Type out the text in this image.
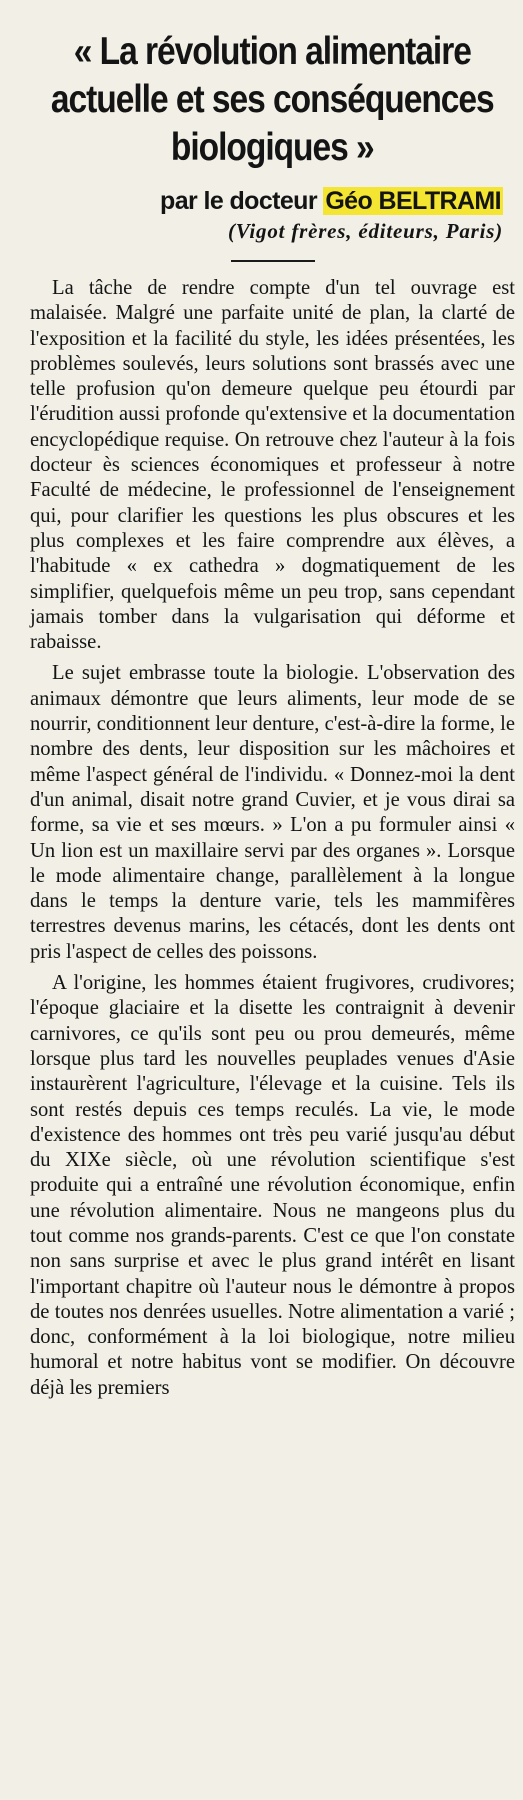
« La révolution alimentaire
actuelle et ses conséquences
biologiques »
par le docteur Géo BELTRAMI
(Vigot frères, éditeurs, Paris)

La tâche de rendre compte d'un tel ouvrage est malaisée. Malgré une parfaite unité de plan, la clarté de l'exposition et la facilité du style, les idées présentées, les problèmes soulevés, leurs solutions sont brassés avec une telle profusion qu'on demeure quelque peu étourdi par l'érudition aussi profonde qu'extensive et la documentation encyclopédique requise. On retrouve chez l'auteur à la fois docteur ès sciences économiques et professeur à notre Faculté de médecine, le professionnel de l'enseignement qui, pour clarifier les questions les plus obscures et les plus complexes et les faire comprendre aux élèves, a l'habitude « ex cathedra » dogmatiquement de les simplifier, quelquefois même un peu trop, sans cependant jamais tomber dans la vulgarisation qui déforme et rabaisse.

Le sujet embrasse toute la biologie. L'observation des animaux démontre que leurs aliments, leur mode de se nourrir, conditionnent leur denture, c'est-à-dire la forme, le nombre des dents, leur disposition sur les mâchoires et même l'aspect général de l'individu. « Donnez-moi la dent d'un animal, disait notre grand Cuvier, et je vous dirai sa forme, sa vie et ses mœurs. » L'on a pu formuler ainsi « Un lion est un maxillaire servi par des organes ». Lorsque le mode alimentaire change, parallèlement à la longue dans le temps la denture varie, tels les mammifères terrestres devenus marins, les cétacés, dont les dents ont pris l'aspect de celles des poissons.

A l'origine, les hommes étaient frugivores, crudivores; l'époque glaciaire et la disette les contraignit à devenir carnivores, ce qu'ils sont peu ou prou demeurés, même lorsque plus tard les nouvelles peuplades venues d'Asie instaurèrent l'agriculture, l'élevage et la cuisine. Tels ils sont restés depuis ces temps reculés. La vie, le mode d'existence des hommes ont très peu varié jusqu'au début du XIXe siècle, où une révolution scientifique s'est produite qui a entraîné une révolution économique, enfin une révolution alimentaire. Nous ne mangeons plus du tout comme nos grands-parents. C'est ce que l'on constate non sans surprise et avec le plus grand intérêt en lisant l'important chapitre où l'auteur nous le démontre à propos de toutes nos denrées usuelles. Notre alimentation a varié ; donc, conformément à la loi biologique, notre milieu humoral et notre habitus vont se modifier. On découvre déjà les premiers
